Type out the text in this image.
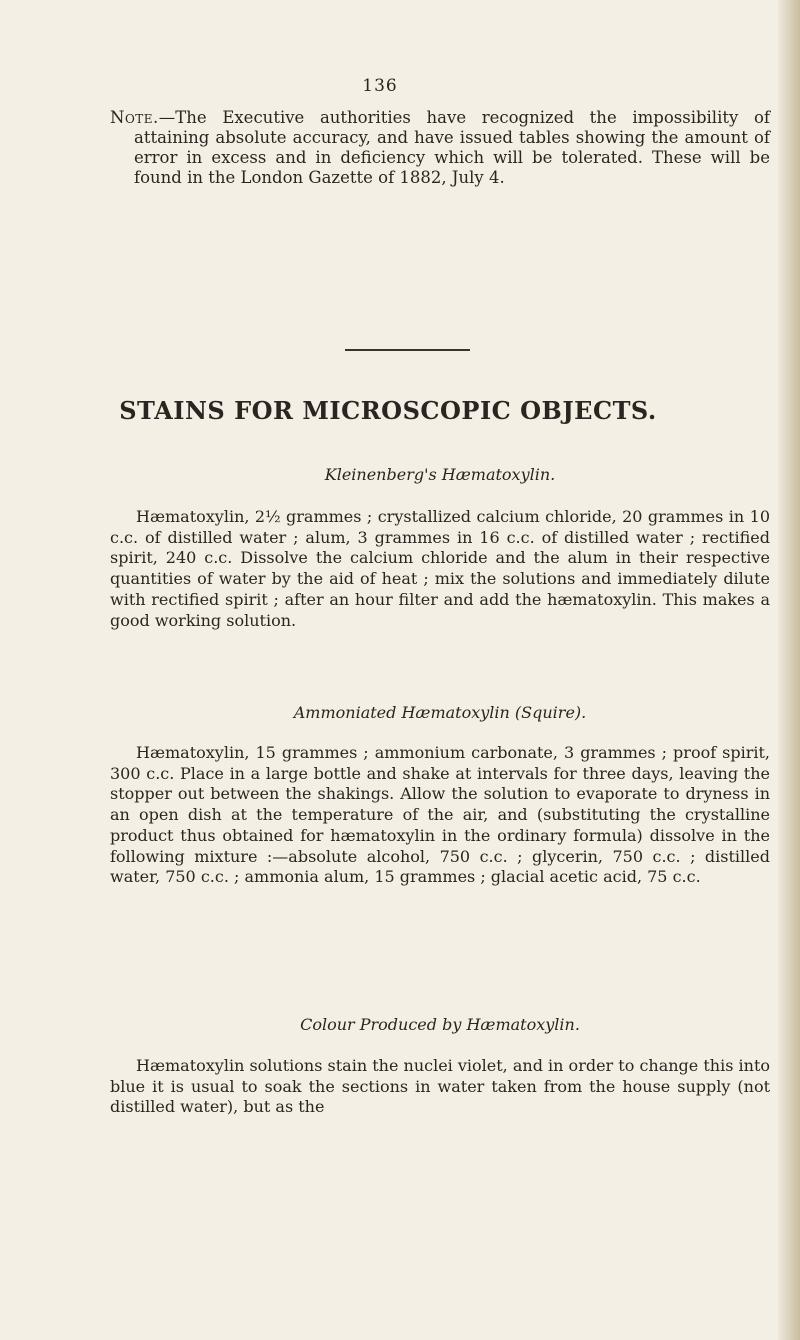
136

Note.—The Executive authorities have recognized the impossibility of attaining absolute accuracy, and have issued tables showing the amount of error in excess and in deficiency which will be tolerated. These will be found in the London Gazette of 1882, July 4.

STAINS FOR MICROSCOPIC OBJECTS.
Kleinenberg's Hæmatoxylin.

Hæmatoxylin, 2½ grammes ; crystallized calcium chloride, 20 grammes in 10 c.c. of distilled water ; alum, 3 grammes in 16 c.c. of distilled water ; rectified spirit, 240 c.c. Dissolve the calcium chloride and the alum in their respective quantities of water by the aid of heat ; mix the solutions and immediately dilute with rectified spirit ; after an hour filter and add the hæmatoxylin. This makes a good working solution.

Ammoniated Hæmatoxylin (Squire).

Hæmatoxylin, 15 grammes ; ammonium carbonate, 3 grammes ; proof spirit, 300 c.c. Place in a large bottle and shake at intervals for three days, leaving the stopper out between the shakings. Allow the solution to evaporate to dryness in an open dish at the temperature of the air, and (substituting the crystalline product thus obtained for hæmatoxylin in the ordinary formula) dissolve in the following mixture :—absolute alcohol, 750 c.c. ; glycerin, 750 c.c. ; distilled water, 750 c.c. ; ammonia alum, 15 grammes ; glacial acetic acid, 75 c.c.

Colour Produced by Hæmatoxylin.

Hæmatoxylin solutions stain the nuclei violet, and in order to change this into blue it is usual to soak the sections in water taken from the house supply (not distilled water), but as the
